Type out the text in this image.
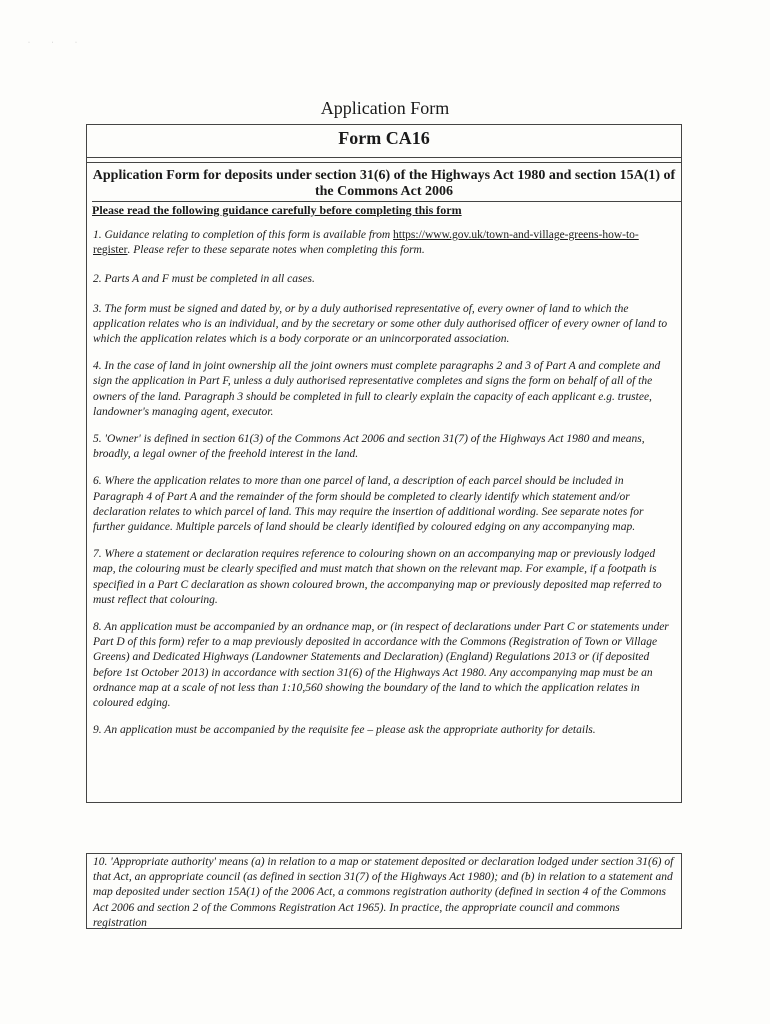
· · ·
Application Form
Form CA16
Application Form for deposits under section 31(6) of the Highways Act 1980 and section 15A(1) of the Commons Act 2006
Please read the following guidance carefully before completing this form

1. Guidance relating to completion of this form is available from https://www.gov.uk/town-and-village-greens-how-to-register. Please refer to these separate notes when completing this form.

2. Parts A and F must be completed in all cases.

3. The form must be signed and dated by, or by a duly authorised representative of, every owner of land to which the application relates who is an individual, and by the secretary or some other duly authorised officer of every owner of land to which the application relates which is a body corporate or an unincorporated association.

4. In the case of land in joint ownership all the joint owners must complete paragraphs 2 and 3 of Part A and complete and sign the application in Part F, unless a duly authorised representative completes and signs the form on behalf of all of the owners of the land. Paragraph 3 should be completed in full to clearly explain the capacity of each applicant e.g. trustee, landowner's managing agent, executor.

5. 'Owner' is defined in section 61(3) of the Commons Act 2006 and section 31(7) of the Highways Act 1980 and means, broadly, a legal owner of the freehold interest in the land.

6. Where the application relates to more than one parcel of land, a description of each parcel should be included in Paragraph 4 of Part A and the remainder of the form should be completed to clearly identify which statement and/or declaration relates to which parcel of land. This may require the insertion of additional wording. See separate notes for further guidance. Multiple parcels of land should be clearly identified by coloured edging on any accompanying map.

7. Where a statement or declaration requires reference to colouring shown on an accompanying map or previously lodged map, the colouring must be clearly specified and must match that shown on the relevant map. For example, if a footpath is specified in a Part C declaration as shown coloured brown, the accompanying map or previously deposited map referred to must reflect that colouring.

8. An application must be accompanied by an ordnance map, or (in respect of declarations under Part C or statements under Part D of this form) refer to a map previously deposited in accordance with the Commons (Registration of Town or Village Greens) and Dedicated Highways (Landowner Statements and Declaration) (England) Regulations 2013 or (if deposited before 1st October 2013) in accordance with section 31(6) of the Highways Act 1980. Any accompanying map must be an ordnance map at a scale of not less than 1:10,560 showing the boundary of the land to which the application relates in coloured edging.

9. An application must be accompanied by the requisite fee – please ask the appropriate authority for details.

10. 'Appropriate authority' means (a) in relation to a map or statement deposited or declaration lodged under section 31(6) of that Act, an appropriate council (as defined in section 31(7) of the Highways Act 1980); and (b) in relation to a statement and map deposited under section 15A(1) of the 2006 Act, a commons registration authority (defined in section 4 of the Commons Act 2006 and section 2 of the Commons Registration Act 1965). In practice, the appropriate council and commons registration
